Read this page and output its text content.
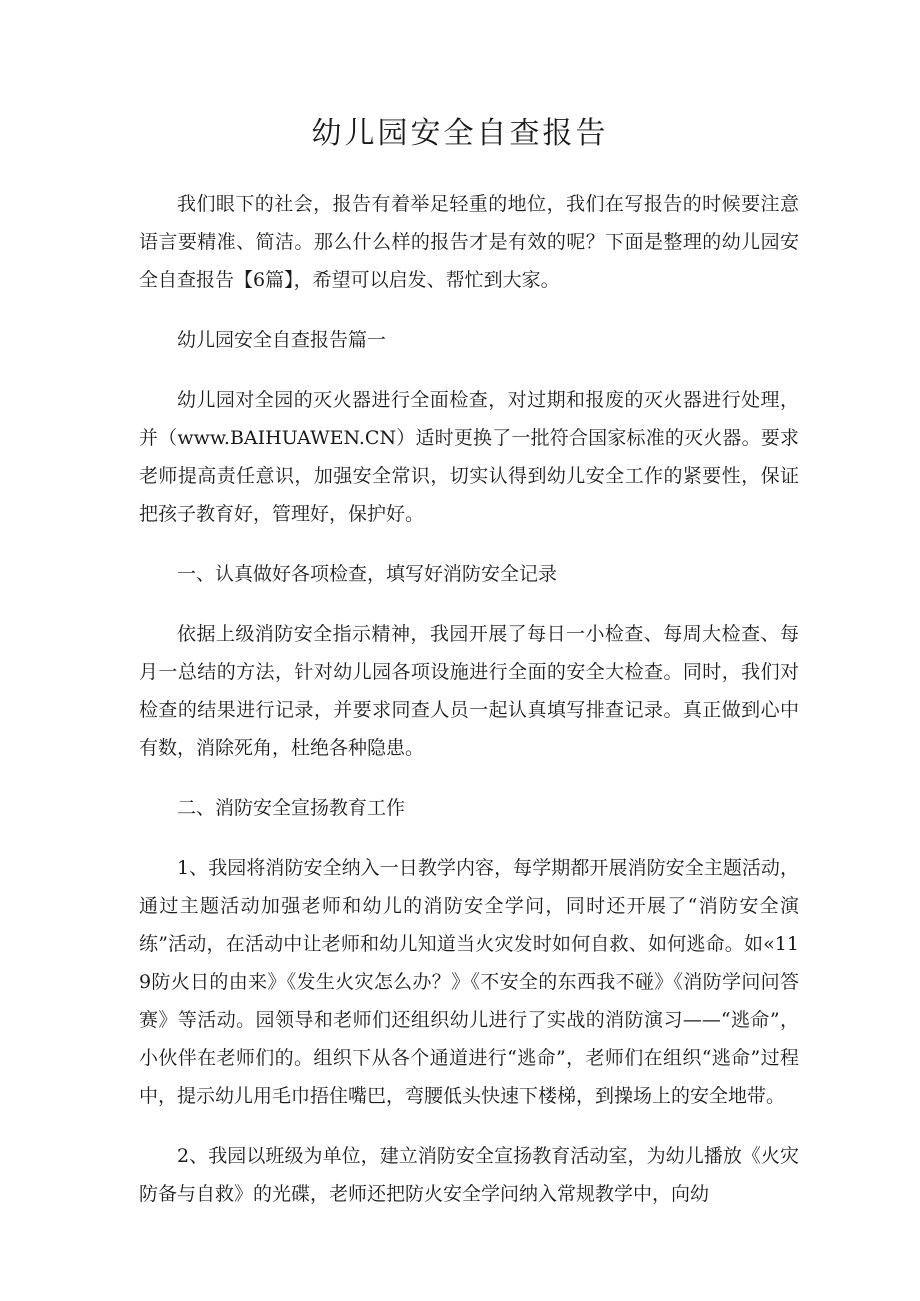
幼儿园安全自查报告

我们眼下的社会，报告有着举足轻重的地位，我们在写报告的时候要注意语言要精准、简洁。那么什么样的报告才是有效的呢？下面是整理的幼儿园安全自查报告【6篇】，希望可以启发、帮忙到大家。

幼儿园安全自查报告篇一

幼儿园对全园的灭火器进行全面检查，对过期和报废的灭火器进行处理，并（www.BAIHUAWEN.CN）适时更换了一批符合国家标准的灭火器。要求老师提高责任意识，加强安全常识，切实认得到幼儿安全工作的紧要性，保证把孩子教育好，管理好，保护好。

一、认真做好各项检查，填写好消防安全记录

依据上级消防安全指示精神，我园开展了每日一小检查、每周大检查、每月一总结的方法，针对幼儿园各项设施进行全面的安全大检查。同时，我们对检查的结果进行记录，并要求同查人员一起认真填写排查记录。真正做到心中有数，消除死角，杜绝各种隐患。

二、消防安全宣扬教育工作

1、我园将消防安全纳入一日教学内容，每学期都开展消防安全主题活动，通过主题活动加强老师和幼儿的消防安全学问，同时还开展了“消防安全演练”活动，在活动中让老师和幼儿知道当火灾发时如何自救、如何逃命。如«119防火日的由来》《发生火灾怎么办？》《不安全的东西我不碰》《消防学问问答赛》等活动。园领导和老师们还组织幼儿进行了实战的消防演习——“逃命”，小伙伴在老师们的。组织下从各个通道进行“逃命”，老师们在组织“逃命”过程中，提示幼儿用毛巾捂住嘴巴，弯腰低头快速下楼梯，到操场上的安全地带。

2、我园以班级为单位，建立消防安全宣扬教育活动室，为幼儿播放《火灾防备与自救》的光碟，老师还把防火安全学问纳入常规教学中，向幼
